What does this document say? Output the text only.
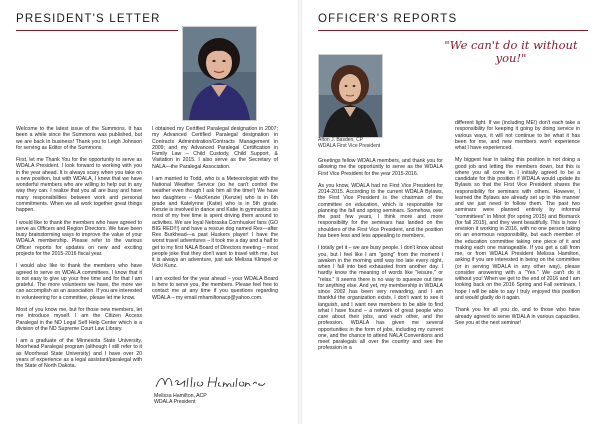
PRESIDENT'S LETTER

Welcome to the latest issue of the Summons. It has been a while since the Summons was published, but we are back in business! Thank you to Leigh Johnson for serving as Editor of the Summons.

First, let me Thank You for the opportunity to serve as WDALA President. I look forward to working with you in the year ahead. It is always scary when you take on a new position, but with WDALA, I knew that we have wonderful members who are willing to help out in any way they can. I realize that you all are busy and have many responsibilities between work and personal commitments. When we all work together great things happen.

I would like to thank the members who have agreed to serve as Officers and Region Directors. We have been busy brainstorming ways to improve the value of your WDALA membership. Please refer to the various Officer reports for updates on new and exciting projects for the 2015-2016 fiscal year.

I would also like to thank the members who have agreed to serve on WDALA committees. I know that it is not easy to give up your free time and for that I am grateful. The more volunteers we have, the more we can accomplish as an association. If you are interested in volunteering for a committee, please let me know.

Most of you know me, but for those new members, let me introduce myself. I am the Citizen Access Paralegal in the ND Legal Self Help Center which is a division of the ND Supreme Court Law Library.

I am a graduate of the Minnesota State University, Moorhead Paralegal program (although I still refer to it as Moorhead State University) and I have over 20 years of experience as a legal assistant/paralegal with the State of North Dakota.

I obtained my Certified Paralegal designation in 2007; my Advanced Certified Paralegal designation in Contracts Administration/Contracts Management in 2009; and my Advanced Paralegal Certification in Family Law – Child Custody, Child Support, & Visitation in 2015. I also serve as the Secretary of NALA—the Paralegal Association.

I am married to Todd, who is a Meteorologist with the National Weather Service (so he can't control the weather even though I ask him all the time!) We have two daughters – MacKenzie (Kenzie) who is in 6th grade and Katelynne (Katie) who is in 5th grade. Kenzie is involved in dance and Katie in gymnastics so most of my free time is spent driving them around to activities. We are loyal Nebraska Cornhusker fans (GO BIG RED!!!) and have a rescue dog named Rex—after Rex Burkhead—a past Huskers player! I have the worst travel adventures – it took me a day and a half to get to my first NALA Board of Directors meeting – most people joke that they don't want to travel with me, but it is always an adventure, just ask Melissa Klimpel or Vicki Kunz.

I am excited for the year ahead – your WDALA Board is here to serve you, the members. Please feel free to contact me at any time if you questions regarding WDALA – my email mhamiltonacp@yahoo.com.

Melissa Hamilton, ACP
WDALA President
OFFICER'S REPORTS
"We can't do it without you!"
Afton J. Basden, CP
WDALA First Vice President

Greetings fellow WDALA members, and thank you for allowing me the opportunity to serve as the WDALA First Vice President for the year 2015-2016.

As you know, WDALA had no First Vice President for 2014-2015. According to the current WDALA Bylaws, the First Vice President is the chairman of the committee on education, which is responsible for planning the fall and spring seminars. Somehow, over the past few years, I think more and more responsibility for the seminars has landed on the shoulders of the First Vice President, and the position has been less and less appealing to members.

I totally get it – we are busy people. I don't know about you, but I feel like I am "going" from the moment I awaken in the morning until way too late every night, when I fall into bed exhausted from another day. I hardly know the meaning of words like "leisure," or "relax." It seems there is no way to squeeze out time for anything else. And yet, my membership in WDALA since 2002 has been very rewarding, and I am thankful the organization exists. I don't want to see it languish, and I want new members to be able to find what I have found – a network of great people who care about their jobs, and each other, and the profession. WDALA has given me several opportunities in the form of jobs, including my current one, and the chance to attend NALA Conventions and meet paralegals all over the country and see the profession in a

different light. If we (including ME!) don't each take a responsibility for keeping it going by doing service in various ways, it will not continue to be what it has been for me, and new members won't experience what I have experienced.

My biggest fear in taking this position is not doing a good job and letting the members down, but this is where you all come in. I initially agreed to be a candidate for this position if WDALA would update its Bylaws so that the First Vice President shares the responsibility for seminars with others. However, I learned the Bylaws are already set up in this manner and we just need to follow them. The past two seminars were planned entirely by informal "committees" in Minot (for spring 2015) and Bismarck (for fall 2015), and they went beautifully. This is how I envision it working in 2016, with no one person taking on an enormous responsibility, but each member of the education committee taking one piece of it and making each one manageable. If you get a call from me, or from WDALA President Melissa Hamilton, asking if you are interested in being on the committee (or in serving WDALA in any other way), please consider answering with a "Yes." We can't do it without you! When we get to the end of 2016 and I am looking back on the 2016 Spring and Fall seminars, I hope I will be able to say I truly enjoyed this position and would gladly do it again.

Thank you for all you do, and to those who have already agreed to serve WDALA in various capacities. See you at the next seminar!
